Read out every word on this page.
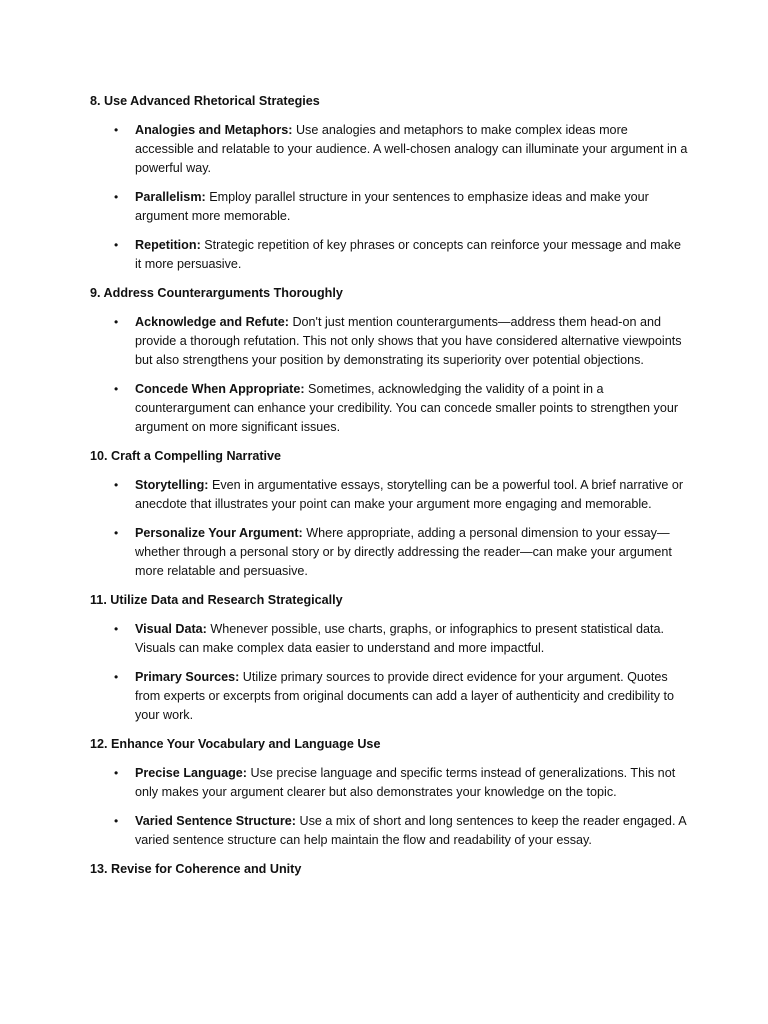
8. Use Advanced Rhetorical Strategies
• Analogies and Metaphors: Use analogies and metaphors to make complex ideas more accessible and relatable to your audience. A well-chosen analogy can illuminate your argument in a powerful way.
• Parallelism: Employ parallel structure in your sentences to emphasize ideas and make your argument more memorable.
• Repetition: Strategic repetition of key phrases or concepts can reinforce your message and make it more persuasive.
9. Address Counterarguments Thoroughly
• Acknowledge and Refute: Don't just mention counterarguments—address them head-on and provide a thorough refutation. This not only shows that you have considered alternative viewpoints but also strengthens your position by demonstrating its superiority over potential objections.
• Concede When Appropriate: Sometimes, acknowledging the validity of a point in a counterargument can enhance your credibility. You can concede smaller points to strengthen your argument on more significant issues.
10. Craft a Compelling Narrative
• Storytelling: Even in argumentative essays, storytelling can be a powerful tool. A brief narrative or anecdote that illustrates your point can make your argument more engaging and memorable.
• Personalize Your Argument: Where appropriate, adding a personal dimension to your essay—whether through a personal story or by directly addressing the reader—can make your argument more relatable and persuasive.
11. Utilize Data and Research Strategically
• Visual Data: Whenever possible, use charts, graphs, or infographics to present statistical data. Visuals can make complex data easier to understand and more impactful.
• Primary Sources: Utilize primary sources to provide direct evidence for your argument. Quotes from experts or excerpts from original documents can add a layer of authenticity and credibility to your work.
12. Enhance Your Vocabulary and Language Use
• Precise Language: Use precise language and specific terms instead of generalizations. This not only makes your argument clearer but also demonstrates your knowledge on the topic.
• Varied Sentence Structure: Use a mix of short and long sentences to keep the reader engaged. A varied sentence structure can help maintain the flow and readability of your essay.
13. Revise for Coherence and Unity
